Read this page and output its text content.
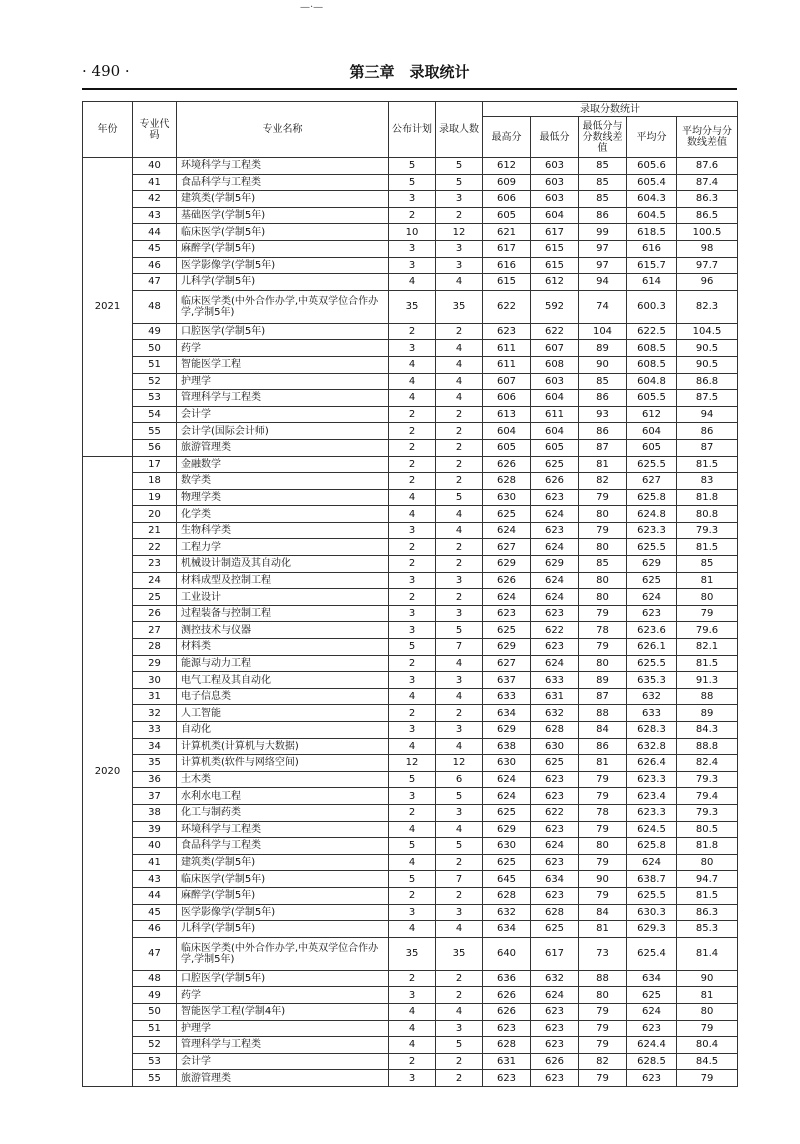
—·—
· 490 ·	第三章　录取统计
年份	专业代码	专业名称	公布计划	录取人数	录取分数统计				
					最高分	最低分	最低分与分数线差值	平均分	平均分与分数线差值
2021	40	环境科学与工程类	5	5	612	603	85	605.6	87.6
	41	食品科学与工程类	5	5	609	603	85	605.4	87.4
	42	建筑类(学制5年)	3	3	606	603	85	604.3	86.3
	43	基础医学(学制5年)	2	2	605	604	86	604.5	86.5
	44	临床医学(学制5年)	10	12	621	617	99	618.5	100.5
	45	麻醉学(学制5年)	3	3	617	615	97	616	98
	46	医学影像学(学制5年)	3	3	616	615	97	615.7	97.7
	47	儿科学(学制5年)	4	4	615	612	94	614	96
	48	临床医学类(中外合作办学,中英双学位合作办学,学制5年)	35	35	622	592	74	600.3	82.3
	49	口腔医学(学制5年)	2	2	623	622	104	622.5	104.5
	50	药学	3	4	611	607	89	608.5	90.5
	51	智能医学工程	4	4	611	608	90	608.5	90.5
	52	护理学	4	4	607	603	85	604.8	86.8
	53	管理科学与工程类	4	4	606	604	86	605.5	87.5
	54	会计学	2	2	613	611	93	612	94
	55	会计学(国际会计师)	2	2	604	604	86	604	86
	56	旅游管理类	2	2	605	605	87	605	87
2020	17	金融数学	2	2	626	625	81	625.5	81.5
	18	数学类	2	2	628	626	82	627	83
	19	物理学类	4	5	630	623	79	625.8	81.8
	20	化学类	4	4	625	624	80	624.8	80.8
	21	生物科学类	3	4	624	623	79	623.3	79.3
	22	工程力学	2	2	627	624	80	625.5	81.5
	23	机械设计制造及其自动化	2	2	629	629	85	629	85
	24	材料成型及控制工程	3	3	626	624	80	625	81
	25	工业设计	2	2	624	624	80	624	80
	26	过程装备与控制工程	3	3	623	623	79	623	79
	27	测控技术与仪器	3	5	625	622	78	623.6	79.6
	28	材料类	5	7	629	623	79	626.1	82.1
	29	能源与动力工程	2	4	627	624	80	625.5	81.5
	30	电气工程及其自动化	3	3	637	633	89	635.3	91.3
	31	电子信息类	4	4	633	631	87	632	88
	32	人工智能	2	2	634	632	88	633	89
	33	自动化	3	3	629	628	84	628.3	84.3
	34	计算机类(计算机与大数据)	4	4	638	630	86	632.8	88.8
	35	计算机类(软件与网络空间)	12	12	630	625	81	626.4	82.4
	36	土木类	5	6	624	623	79	623.3	79.3
	37	水利水电工程	3	5	624	623	79	623.4	79.4
	38	化工与制药类	2	3	625	622	78	623.3	79.3
	39	环境科学与工程类	4	4	629	623	79	624.5	80.5
	40	食品科学与工程类	5	5	630	624	80	625.8	81.8
	41	建筑类(学制5年)	4	2	625	623	79	624	80
	43	临床医学(学制5年)	5	7	645	634	90	638.7	94.7
	44	麻醉学(学制5年)	2	2	628	623	79	625.5	81.5
	45	医学影像学(学制5年)	3	3	632	628	84	630.3	86.3
	46	儿科学(学制5年)	4	4	634	625	81	629.3	85.3
	47	临床医学类(中外合作办学,中英双学位合作办学,学制5年)	35	35	640	617	73	625.4	81.4
	48	口腔医学(学制5年)	2	2	636	632	88	634	90
	49	药学	3	2	626	624	80	625	81
	50	智能医学工程(学制4年)	4	4	626	623	79	624	80
	51	护理学	4	3	623	623	79	623	79
	52	管理科学与工程类	4	5	628	623	79	624.4	80.4
	53	会计学	2	2	631	626	82	628.5	84.5
	55	旅游管理类	3	2	623	623	79	623	79
